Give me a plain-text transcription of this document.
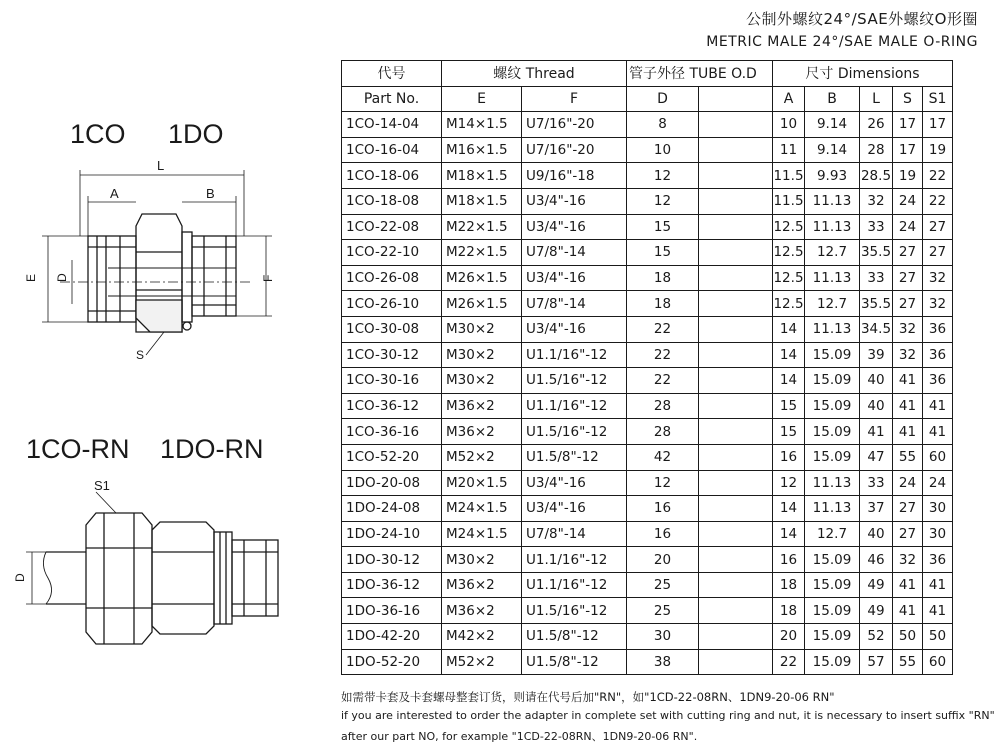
公制外螺纹24°/SAE外螺纹O形圈
METRIC MALE 24°/SAE MALE O-RING
1CO 1DO
L
A	B
E D	F
S
1CO-RN 1DO-RN
S1
D
代号	螺纹 Thread		管子外径 TUBE O.D		尺寸 Dimensions				
Part No.	E	F	D		A	B	L	S	S1
1CO-14-04	M14×1.5	U7/16"-20	8		10	9.14	26	17	17
1CO-16-04	M16×1.5	U7/16"-20	10		11	9.14	28	17	19
1CO-18-06	M18×1.5	U9/16"-18	12		11.5	9.93	28.5	19	22
1CO-18-08	M18×1.5	U3/4"-16	12		11.5	11.13	32	24	22
1CO-22-08	M22×1.5	U3/4"-16	15		12.5	11.13	33	24	27
1CO-22-10	M22×1.5	U7/8"-14	15		12.5	12.7	35.5	27	27
1CO-26-08	M26×1.5	U3/4"-16	18		12.5	11.13	33	27	32
1CO-26-10	M26×1.5	U7/8"-14	18		12.5	12.7	35.5	27	32
1CO-30-08	M30×2	U3/4"-16	22		14	11.13	34.5	32	36
1CO-30-12	M30×2	U1.1/16"-12	22		14	15.09	39	32	36
1CO-30-16	M30×2	U1.5/16"-12	22		14	15.09	40	41	36
1CO-36-12	M36×2	U1.1/16"-12	28		15	15.09	40	41	41
1CO-36-16	M36×2	U1.5/16"-12	28		15	15.09	41	41	41
1CO-52-20	M52×2	U1.5/8"-12	42		16	15.09	47	55	60
1DO-20-08	M20×1.5	U3/4"-16	12		12	11.13	33	24	24
1DO-24-08	M24×1.5	U3/4"-16	16		14	11.13	37	27	30
1DO-24-10	M24×1.5	U7/8"-14	16		14	12.7	40	27	30
1DO-30-12	M30×2	U1.1/16"-12	20		16	15.09	46	32	36
1DO-36-12	M36×2	U1.1/16"-12	25		18	15.09	49	41	41
1DO-36-16	M36×2	U1.5/16"-12	25		18	15.09	49	41	41
1DO-42-20	M42×2	U1.5/8"-12	30		20	15.09	52	50	50
1DO-52-20	M52×2	U1.5/8"-12	38		22	15.09	57	55	60
如需带卡套及卡套螺母整套订货，则请在代号后加"RN"，如"1CD-22-08RN、1DN9-20-06 RN"
if you are interested to order the adapter in complete set with cutting ring and nut, it is necessary to insert suffix "RN"
after our part NO, for example "1CD-22-08RN、1DN9-20-06 RN".
